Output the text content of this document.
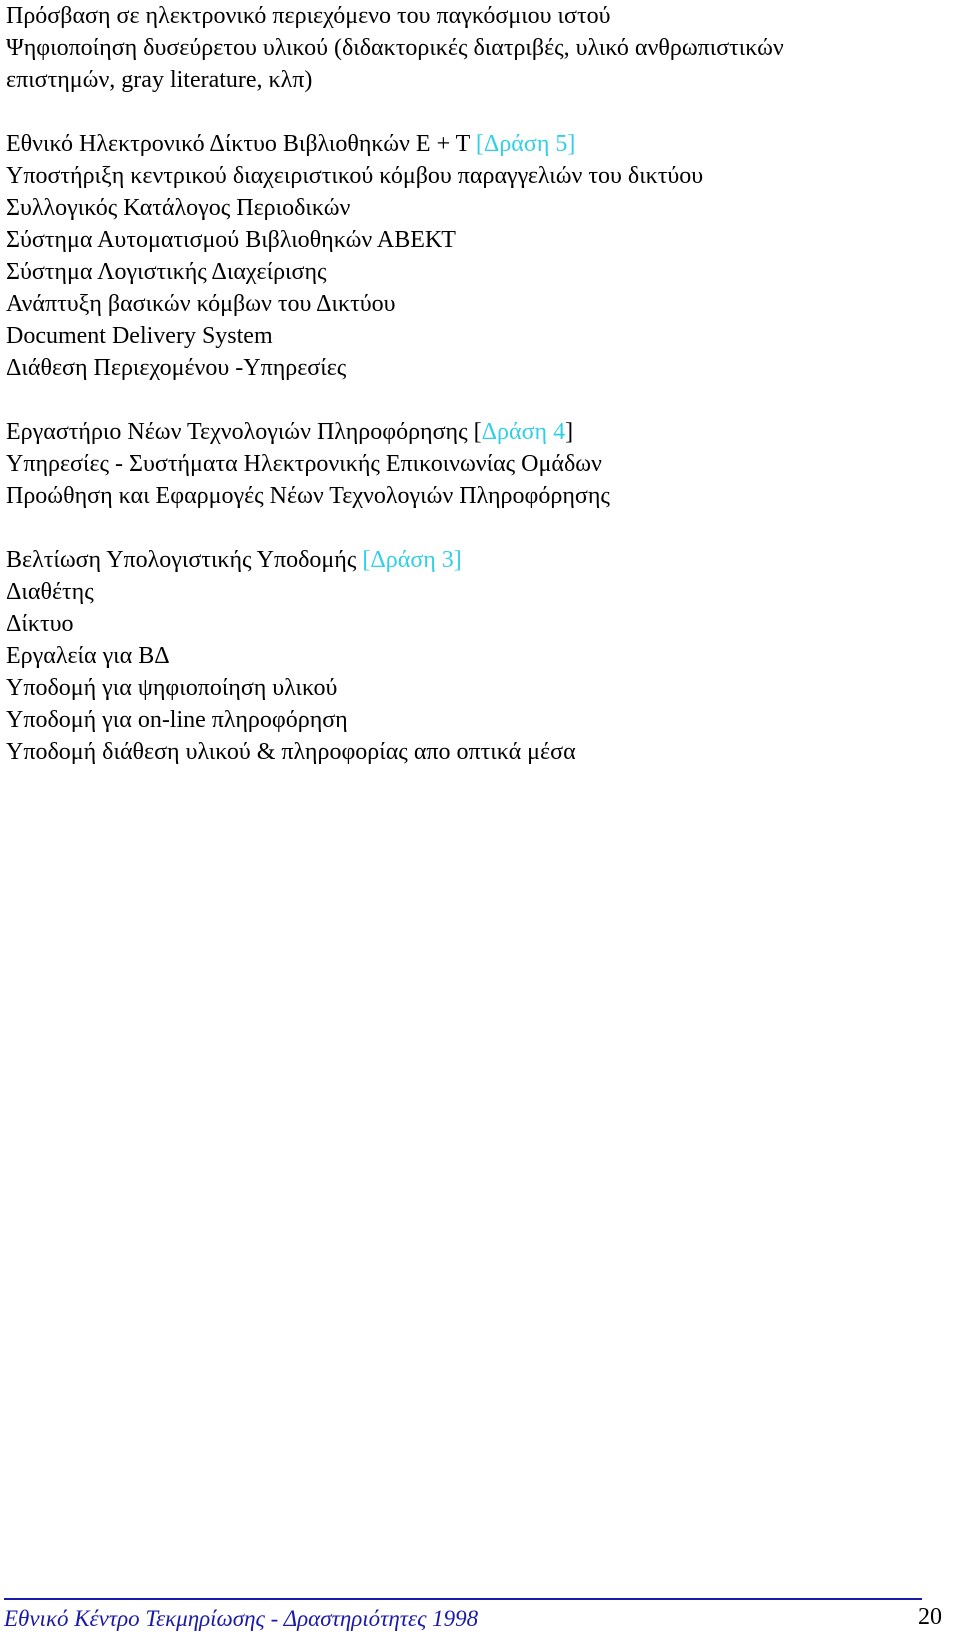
Πρόσβαση σε ηλεκτρονικό περιεχόμενο του παγκόσμιου ιστού
Ψηφιοποίηση δυσεύρετου υλικού (διδακτορικές διατριβές, υλικό ανθρωπιστικών
επιστημών, gray literature, κλπ)
Εθνικό Ηλεκτρονικό Δίκτυο Βιβλιοθηκών Ε + Τ [Δράση 5]
Υποστήριξη κεντρικού διαχειριστικού κόμβου παραγγελιών του δικτύου
Συλλογικός Κατάλογος Περιοδικών
Σύστημα Αυτοματισμού Βιβλιοθηκών ΑΒΕΚΤ
Σύστημα Λογιστικής Διαχείρισης
Ανάπτυξη βασικών κόμβων του Δικτύου
Document Delivery System
Διάθεση Περιεχομένου -Υπηρεσίες
Εργαστήριο Νέων Τεχνολογιών Πληροφόρησης [Δράση 4]
Υπηρεσίες - Συστήματα Ηλεκτρονικής Επικοινωνίας Ομάδων
Προώθηση και Εφαρμογές Νέων Τεχνολογιών Πληροφόρησης
Βελτίωση Υπολογιστικής Υποδομής [Δράση 3]
Διαθέτης
Δίκτυο
Εργαλεία για ΒΔ
Υποδομή για ψηφιοποίηση υλικού
Υποδομή για on-line πληροφόρηση
Υποδομή διάθεση υλικού & πληροφορίας απο οπτικά μέσα
Εθνικό Κέντρο Τεκμηρίωσης - Δραστηριότητες 1998	20
